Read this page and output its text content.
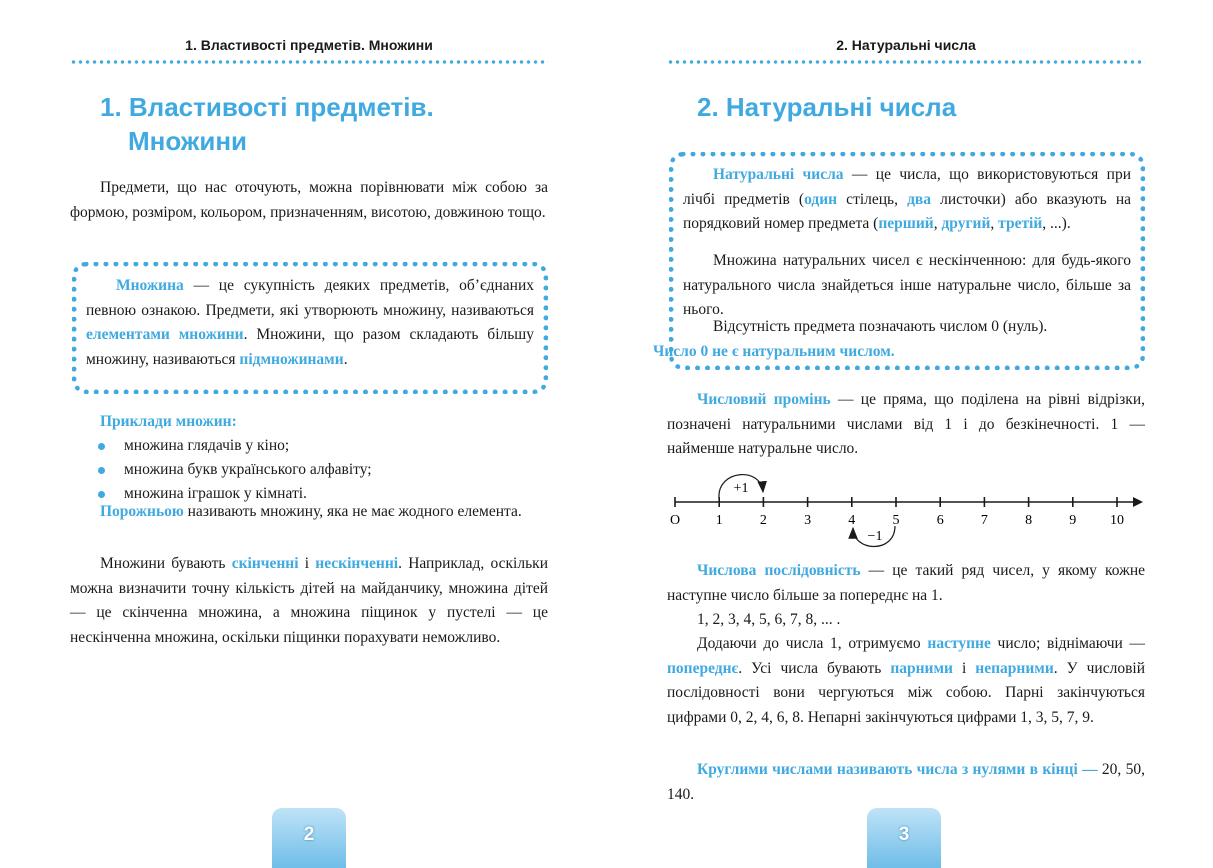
1. Властивості предметів. Множини
1. Властивості предметів.
Множини

Предмети, що нас оточують, можна порівнювати між собою за формою, розміром, кольором, призначенням, висотою, довжиною тощо.

Множина — це сукупність деяких предметів, об’єднаних певною ознакою. Предмети, які утворюють множину, називаються елементами множини. Множини, що разом складають більшу множину, називаються підмножинами.

Приклади множин:
множина глядачів у кіно;
множина букв українського алфавіту;
множина іграшок у кімнаті.

Порожньою називають множину, яка не має жодного елемента.

Множини бувають скінченні і нескінченні. Наприклад, оскільки можна визначити точну кількість дітей на майданчику, множина дітей — це скінченна множина, а множина піщинок у пустелі — це нескінченна множина, оскільки піщинки порахувати неможливо.

2
2. Натуральні числа
2. Натуральні числа

Натуральні числа — це числа, що використовуються при лічбі предметів (один стілець, два листочки) або вказують на порядковий номер предмета (перший, другий, третій, ...).

Множина натуральних чисел є нескінченною: для будь-якого натурального числа знайдеться інше натуральне число, більше за нього.

Відсутність предмета позначають числом 0 (нуль).
Число 0 не є натуральним числом.

Числовий промінь — це пряма, що поділена на рівні відрізки, позначені натуральними числами від 1 і до безкінечності. 1 — найменше натуральне число.

O	1	2	3	4	5	6	7	8	9 10
+1
−1

Числова послідовність — це такий ряд чисел, у якому кожне наступне число більше за попереднє на 1.

1, 2, 3, 4, 5, 6, 7, 8, ... .

Додаючи до числа 1, отримуємо наступне число; віднімаючи — попереднє. Усі числа бувають парними і непарними. У числовій послідовності вони чергуються між собою. Парні закінчуються цифрами 0, 2, 4, 6, 8. Непарні закінчуються цифрами 1, 3, 5, 7, 9.

Круглими числами називають числа з нулями в кінці — 20, 50, 140.

3
